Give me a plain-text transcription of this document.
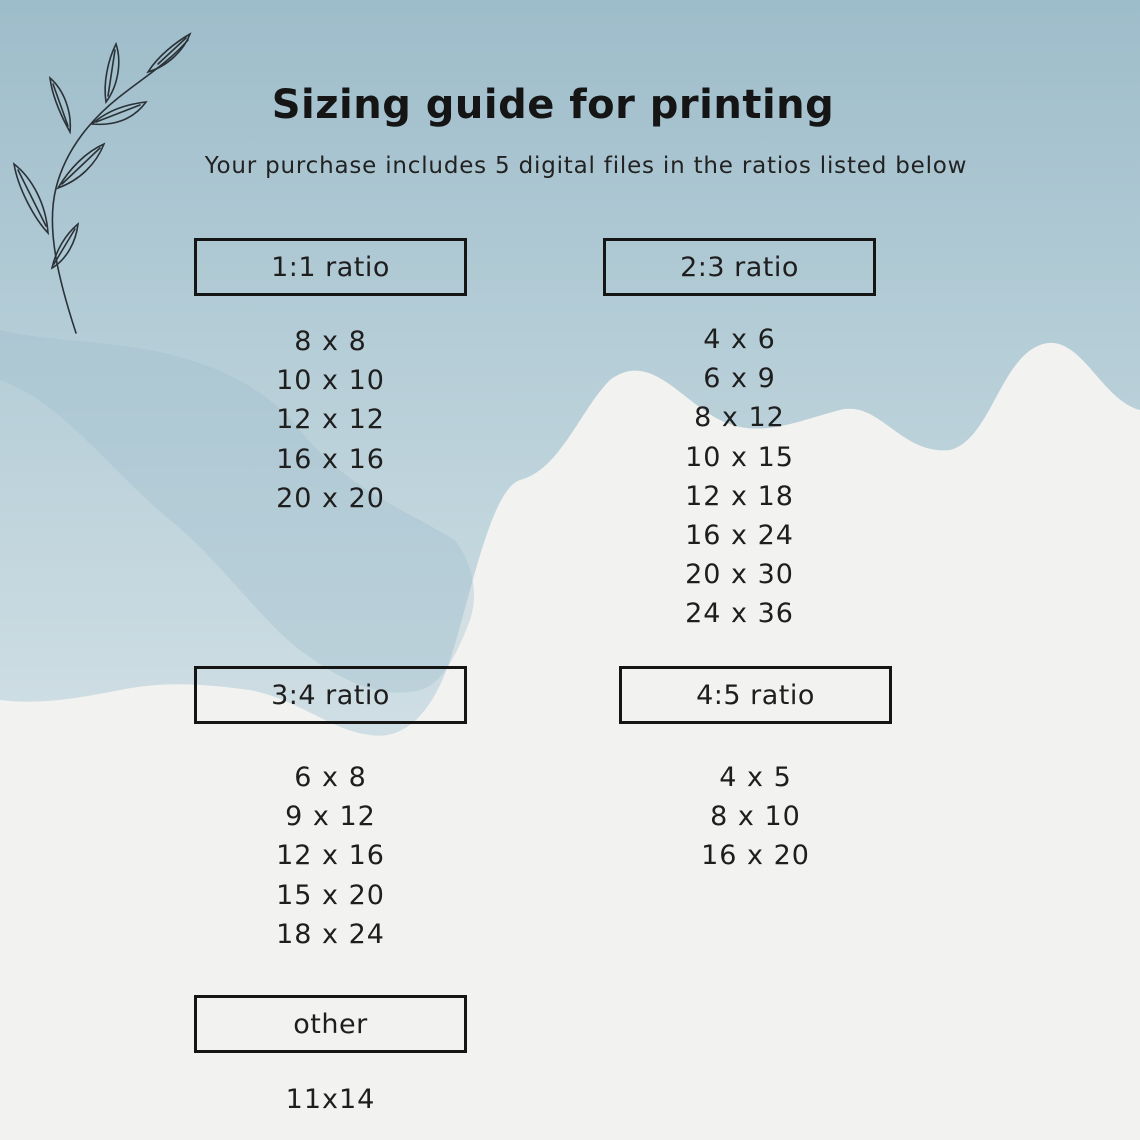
Sizing guide for printing
Your purchase includes 5 digital files in the ratios listed below
1:1 ratio
8 x 8
10 x 10
12 x 12
16 x 16
20 x 20
2:3 ratio
4 x 6
6 x 9
8 x 12
10 x 15
12 x 18
16 x 24
20 x 30
24 x 36
3:4 ratio
6 x 8
9 x 12
12 x 16
15 x 20
18 x 24
4:5 ratio
4 x 5
8 x 10
16 x 20
other
11x14
